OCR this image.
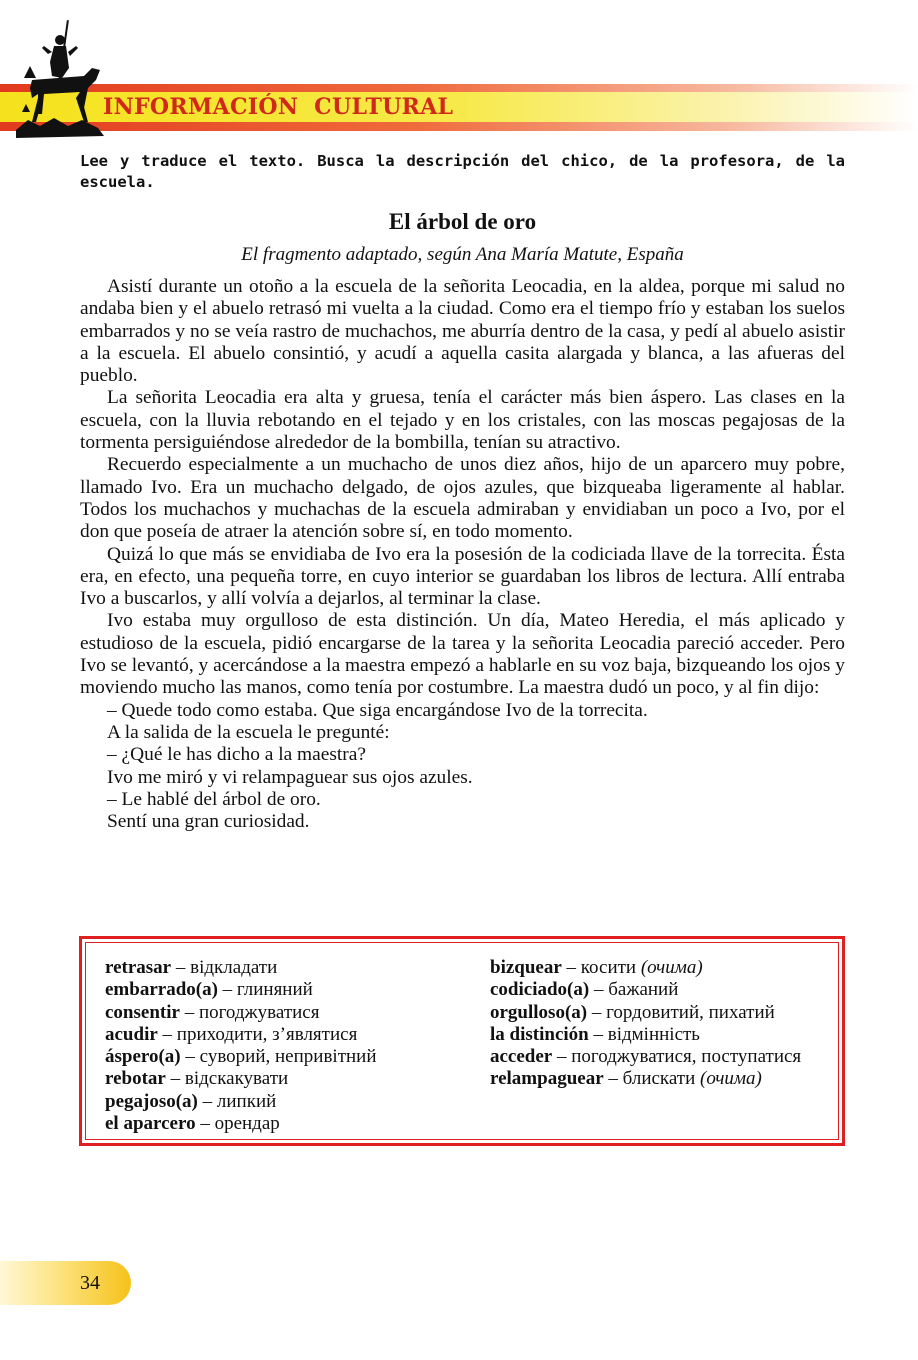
INFORMACIÓN  CULTURAL
Lee y traduce el texto. Busca la descripción del chico, de la profesora, de la escuela.
El árbol de oro
El fragmento adaptado, según Ana María Matute, España

Asistí durante un otoño a la escuela de la señorita Leocadia, en la aldea, porque mi salud no andaba bien y el abuelo retrasó mi vuelta a la ciudad. Como era el tiempo frío y estaban los suelos embarrados y no se veía rastro de muchachos, me aburría dentro de la casa, y pedí al abuelo asistir a la escuela. El abuelo consintió, y acudí a aquella casita alargada y blanca, a las afueras del pueblo.

La señorita Leocadia era alta y gruesa, tenía el carácter más bien áspero. Las clases en la escuela, con la lluvia rebotando en el tejado y en los cristales, con las moscas pegajosas de la tormenta persiguiéndose alrededor de la bombilla, tenían su atractivo.

Recuerdo especialmente a un muchacho de unos diez años, hijo de un aparcero muy pobre, llamado Ivo. Era un muchacho delgado, de ojos azules, que bizqueaba ligeramente al hablar. Todos los muchachos y muchachas de la escuela admiraban y envidiaban un poco a Ivo, por el don que poseía de atraer la atención sobre sí, en todo momento.

Quizá lo que más se envidiaba de Ivo era la posesión de la codiciada llave de la torrecita. Ésta era, en efecto, una pequeña torre, en cuyo interior se guardaban los libros de lectura. Allí entraba Ivo a buscarlos, y allí volvía a dejarlos, al terminar la clase.

Ivo estaba muy orgulloso de esta distinción. Un día, Mateo Heredia, el más aplicado y estudioso de la escuela, pidió encargarse de la tarea y la señorita Leocadia pareció acceder. Pero Ivo se levantó, y acercándose a la maestra empezó a hablarle en su voz baja, bizqueando los ojos y moviendo mucho las manos, como tenía por costumbre. La maestra dudó un poco, y al fin dijo:

– Quede todo como estaba. Que siga encargándose Ivo de la torrecita.

A la salida de la escuela le pregunté:

– ¿Qué le has dicho a la maestra?

Ivo me miró y vi relampaguear sus ojos azules.

– Le hablé del árbol de oro.

Sentí una gran curiosidad.

retrasar – відкладати

embarrado(a) – глиняний

consentir – погоджуватися

acudir – приходити, з’являтися

áspero(a) – суворий, непривітний

rebotar – відскакувати

pegajoso(a) – липкий

el aparcero – орендар

bizquear – косити (очима)

codiciado(a) – бажаний

orgulloso(a) – гордовитий, пихатий

la distinción – відмінність

acceder – погоджуватися, поступатися

relampaguear – блискати (очима)

34
